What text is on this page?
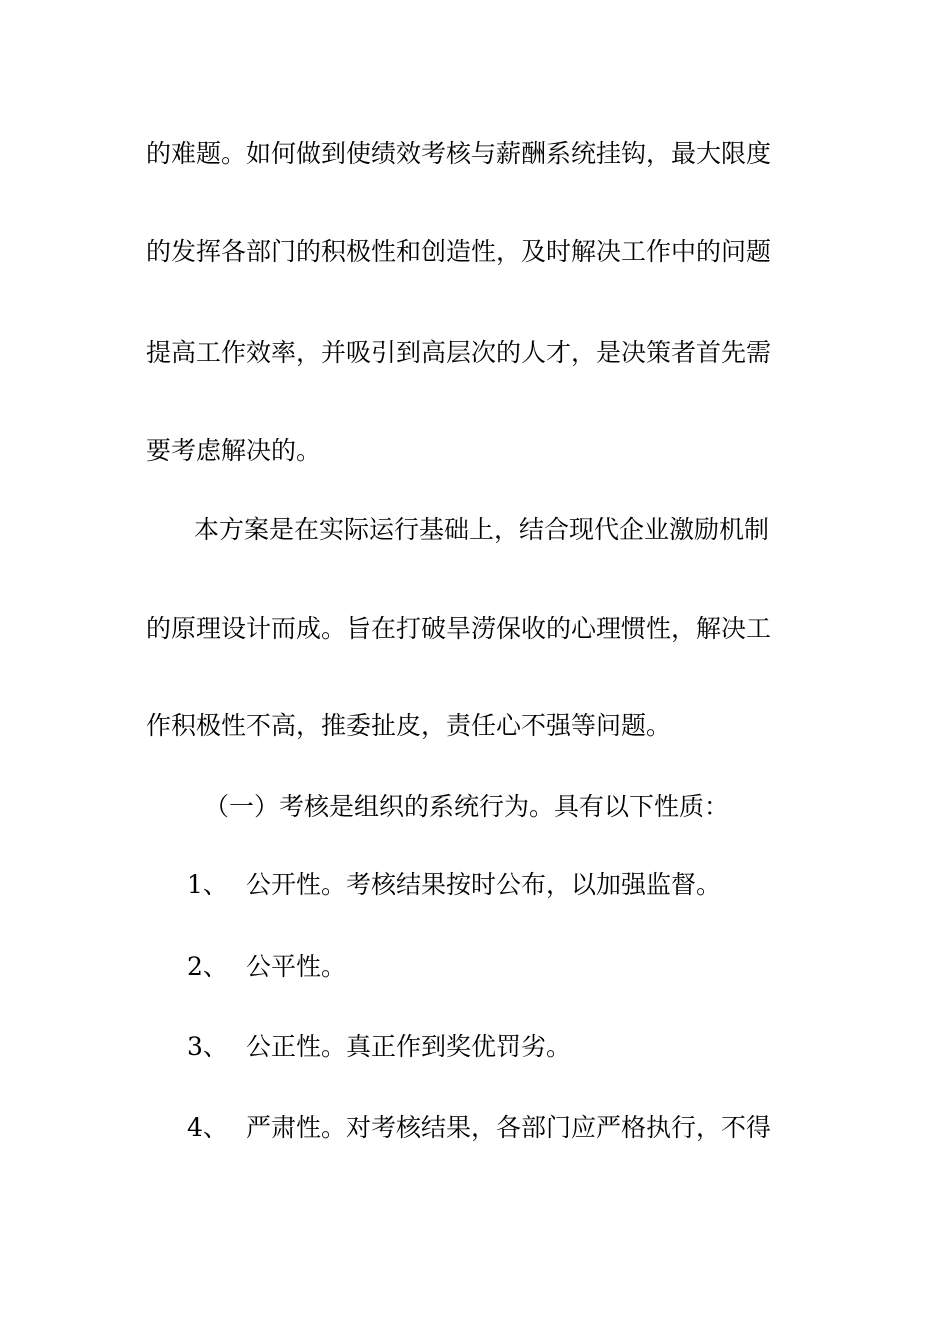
的难题。如何做到使绩效考核与薪酬系统挂钩，最大限度
的发挥各部门的积极性和创造性，及时解决工作中的问题
提高工作效率，并吸引到高层次的人才，是决策者首先需
要考虑解决的。
本方案是在实际运行基础上，结合现代企业激励机制
的原理设计而成。旨在打破旱涝保收的心理惯性，解决工
作积极性不高，推委扯皮，责任心不强等问题。
（一）考核是组织的系统行为。具有以下性质：
1、 公开性。考核结果按时公布，以加强监督。
2、 公平性。
3、 公正性。真正作到奖优罚劣。
4、 严肃性。对考核结果，各部门应严格执行，不得
